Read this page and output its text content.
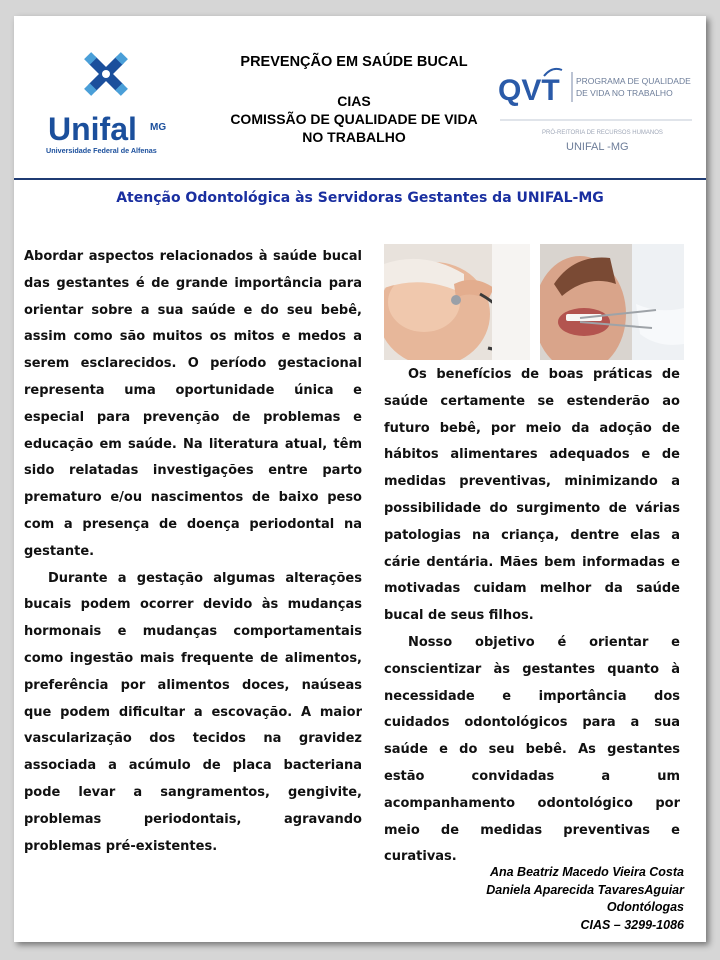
Unifal MG
Universidade Federal de Alfenas
PREVENÇÃO EM SAÚDE BUCAL
CIAS
COMISSÃO DE QUALIDADE DE VIDA
NO TRABALHO
QVT PROGRAMA DE QUALIDADE
DE VIDA NO TRABALHO
PRÓ-REITORIA DE RECURSOS HUMANOS
UNIFAL -MG
Atenção Odontológica às Servidoras Gestantes da UNIFAL-MG

Abordar aspectos relacionados à saúde bucal das gestantes é de grande importância para orientar sobre a sua saúde e do seu bebê, assim como são muitos os mitos e medos a serem esclarecidos. O período gestacional representa uma oportunidade única e especial para prevenção de problemas e educação em saúde. Na literatura atual, têm sido relatadas investigações entre parto prematuro e/ou nascimentos de baixo peso com a presença de doença periodontal na gestante.

Durante a gestação algumas alterações bucais podem ocorrer devido às mudanças hormonais e mudanças comportamentais como ingestão mais frequente de alimentos, preferência por alimentos doces, naúseas que podem dificultar a escovação. A maior vascularização dos tecidos na gravidez associada a acúmulo de placa bacteriana pode levar a sangramentos, gengivite, problemas periodontais, agravando problemas pré-existentes.

Os benefícios de boas práticas de saúde certamente se estenderão ao futuro bebê, por meio da adoção de hábitos alimentares adequados e de medidas preventivas, minimizando a possibilidade do surgimento de várias patologias na criança, dentre elas a cárie dentária. Mães bem informadas e motivadas cuidam melhor da saúde bucal de seus filhos.

Nosso objetivo é orientar e conscientizar às gestantes quanto à necessidade e importância dos cuidados odontológicos para a sua saúde e do seu bebê. As gestantes estão convidadas a um acompanhamento odontológico por meio de medidas preventivas e curativas.

Ana Beatriz Macedo Vieira Costa
Daniela Aparecida TavaresAguiar
Odontólogas
CIAS – 3299-1086
